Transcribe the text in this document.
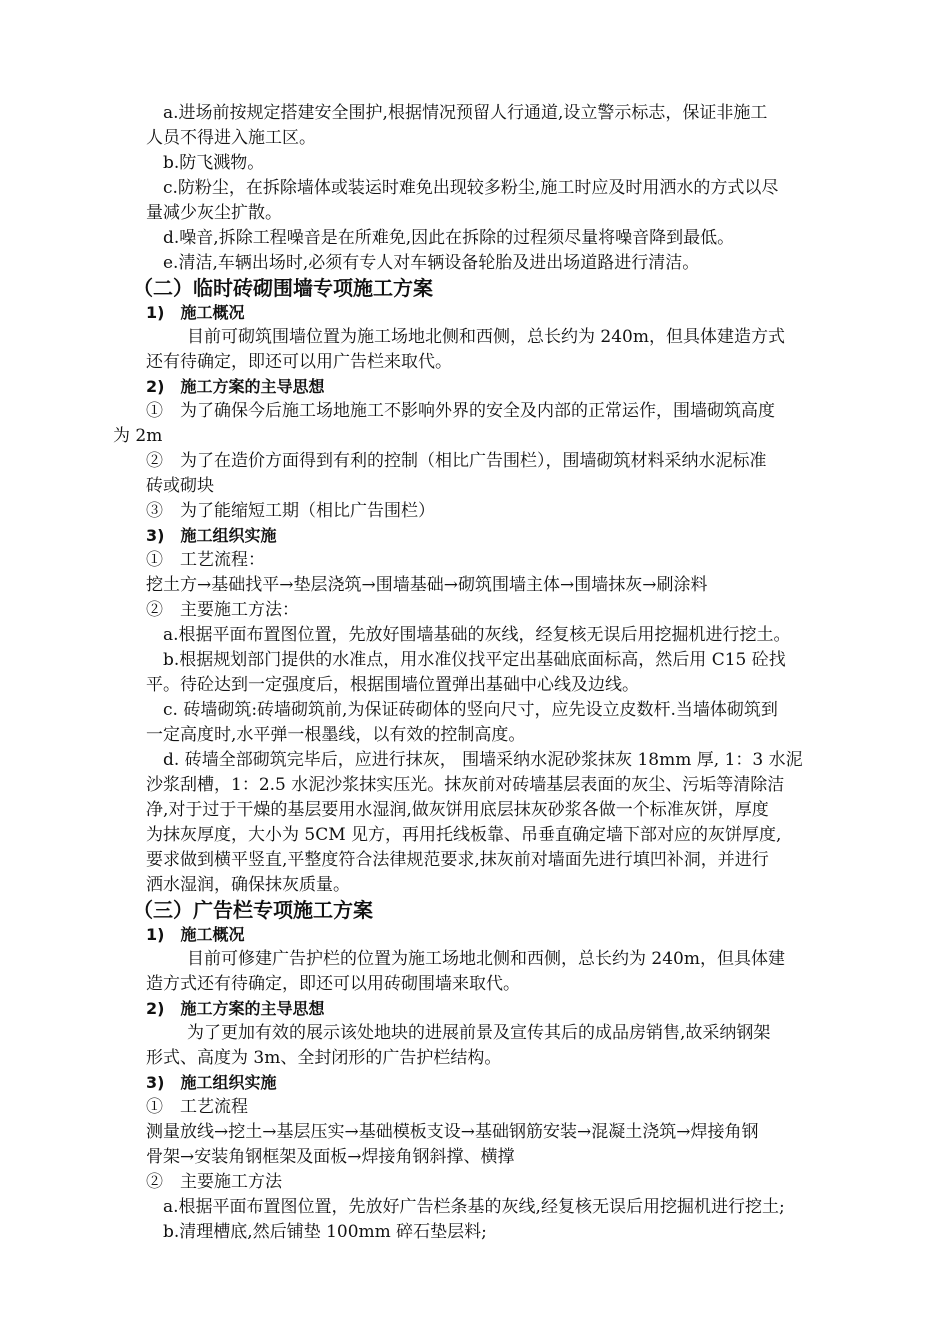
a.进场前按规定搭建安全围护,根据情况预留人行通道,设立警示标志，保证非施工
人员不得进入施工区。
b.防飞溅物。
c.防粉尘，在拆除墙体或装运时难免出现较多粉尘,施工时应及时用洒水的方式以尽
量减少灰尘扩散。
d.噪音,拆除工程噪音是在所难免,因此在拆除的过程须尽量将噪音降到最低。
e.清洁,车辆出场时,必须有专人对车辆设备轮胎及进出场道路进行清洁。
（二）临时砖砌围墙专项施工方案
1)　施工概况
目前可砌筑围墙位置为施工场地北侧和西侧，总长约为 240m，但具体建造方式
还有待确定，即还可以用广告栏来取代。
2)　施工方案的主导思想
①　为了确保今后施工场地施工不影响外界的安全及内部的正常运作，围墙砌筑高度
为 2m
②　为了在造价方面得到有利的控制（相比广告围栏），围墙砌筑材料采纳水泥标准
砖或砌块
③　为了能缩短工期（相比广告围栏）
3)　施工组织实施
①　工艺流程：
挖土方→基础找平→垫层浇筑→围墙基础→砌筑围墙主体→围墙抹灰→刷涂料
②　主要施工方法：
a.根据平面布置图位置，先放好围墙基础的灰线，经复核无误后用挖掘机进行挖土。
b.根据规划部门提供的水准点，用水准仪找平定出基础底面标高，然后用 C15 砼找
平。待砼达到一定强度后，根据围墙位置弹出基础中心线及边线。
c. 砖墙砌筑:砖墙砌筑前,为保证砖砌体的竖向尺寸，应先设立皮数杆.当墙体砌筑到
一定高度时,水平弹一根墨线，以有效的控制高度。
d. 砖墙全部砌筑完毕后，应进行抹灰， 围墙采纳水泥砂浆抹灰 18mm 厚, 1：3 水泥
沙浆刮槽，1：2.5 水泥沙浆抹实压光。抹灰前对砖墙基层表面的灰尘、污垢等清除洁
净,对于过于干燥的基层要用水湿润,做灰饼用底层抹灰砂浆各做一个标准灰饼，厚度
为抹灰厚度，大小为 5CM 见方，再用托线板靠、吊垂直确定墙下部对应的灰饼厚度,
要求做到横平竖直,平整度符合法律规范要求,抹灰前对墙面先进行填凹补洞，并进行
洒水湿润，确保抹灰质量。
（三）广告栏专项施工方案
1)　施工概况
目前可修建广告护栏的位置为施工场地北侧和西侧，总长约为 240m，但具体建
造方式还有待确定，即还可以用砖砌围墙来取代。
2)　施工方案的主导思想
为了更加有效的展示该处地块的进展前景及宣传其后的成品房销售,故采纳钢架
形式、高度为 3m、全封闭形的广告护栏结构。
3)　施工组织实施
①　工艺流程
测量放线→挖土→基层压实→基础模板支设→基础钢筋安装→混凝土浇筑→焊接角钢
骨架→安装角钢框架及面板→焊接角钢斜撑、横撑
②　主要施工方法
a.根据平面布置图位置，先放好广告栏条基的灰线,经复核无误后用挖掘机进行挖土;
b.清理槽底,然后铺垫 100mm 碎石垫层料;
